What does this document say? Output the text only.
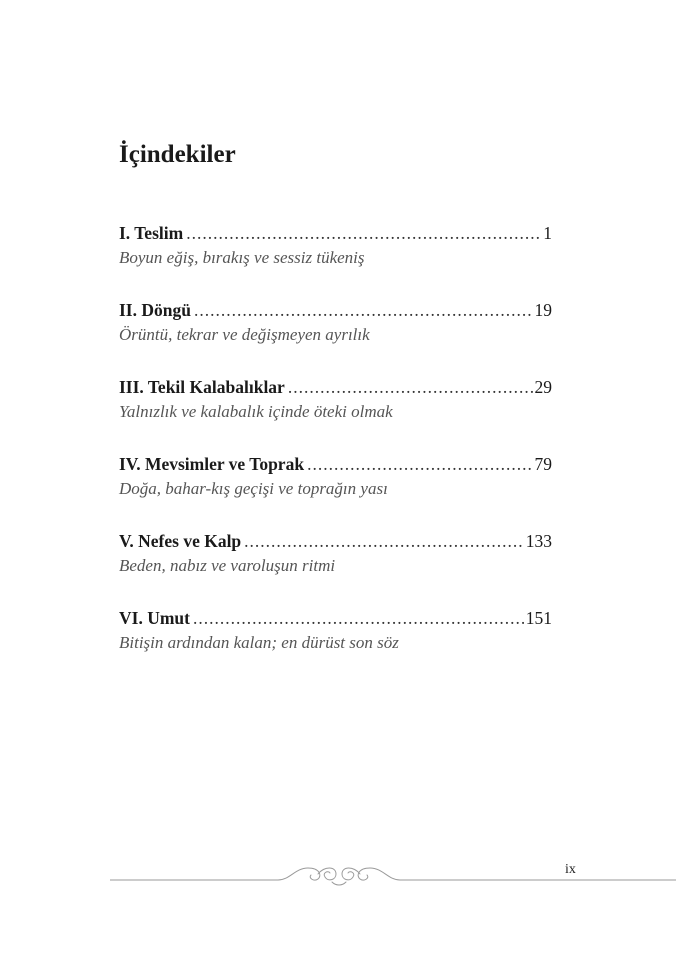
İçindekiler
I. Teslim .....	1
Boyun eğiş, bırakış ve sessiz tükeniş
II. Döngü .....	19
Örüntü, tekrar ve değişmeyen ayrılık
III. Tekil Kalabalıklar .....	29
Yalnızlık ve kalabalık içinde öteki olmak
IV. Mevsimler ve Toprak .....	79
Doğa, bahar-kış geçişi ve toprağın yası
V. Nefes ve Kalp .....	133
Beden, nabız ve varoluşun ritmi
VI. Umut .....	151
Bitişin ardından kalan; en dürüst son söz
ix
